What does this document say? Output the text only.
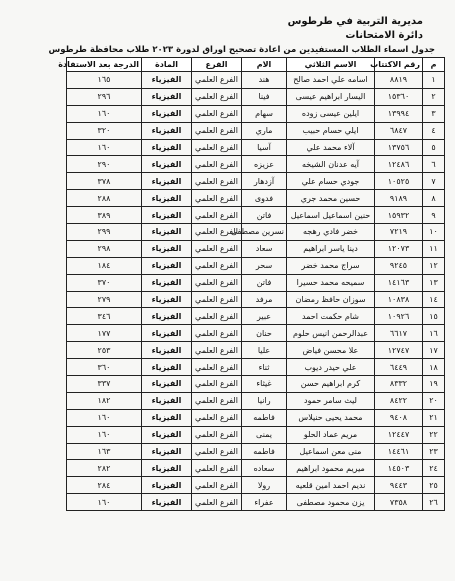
مديرية التربية في طرطوس
دائرة الامتحانات
جدول اسماء الطلاب المستفيدين من اعادة تصحيح اوراق لدورة ٢٠٢٣ طلاب محافظة طرطوس
م	رقم الاكتتاب	الاسم الثلاثي	الام	الفرع	المادة	الدرجة بعد الاستفادة
١	٨٨١٩	اسامه علي احمد صالح	هند	الفرع العلمي	الفيزياء	١٦٥
٢	١٥٣٦٠	اليسار ابراهيم عيسى	فينا	الفرع العلمي	الفيزياء	٢٩٦
٣	١٣٩٩٤	ايلين عيسى زوده	سهام	الفرع العلمي	الفيزياء	١٦٠
٤	٦٨٤٧	ايلي حسام حبيب	ماري	الفرع العلمي	الفيزياء	٣٢٠
٥	١٣٧٥٦	آلاء محمد علي	آسيا	الفرع العلمي	الفيزياء	١٦٠
٦	١٢٤٨٦	آيه عدنان الشيخه	عزيزه	الفرع العلمي	الفيزياء	٢٩٠
٧	١٠٥٢٥	جودي حسام علي	آزدهار	الفرع العلمي	الفيزياء	٣٧٨
٨	٩١٨٩	حسين محمد جري	فدوى	الفرع العلمي	الفيزياء	٢٨٨
٩	١٥٩٣٢	حنين اسماعيل اسماعيل	فاتن	الفرع العلمي	الفيزياء	٣٨٩
١٠	٧٢١٩	خضر فادي رهجه	نسرين مصطفى	الفرع العلمي	الفيزياء	٢٩٩
١١	١٢٠٧٣	دينا ياسر ابراهيم	سعاد	الفرع العلمي	الفيزياء	٢٩٨
١٢	٩٢٤٥	سراج محمد خضر	سحر	الفرع العلمي	الفيزياء	١٨٤
١٣	١٤١٦٣	سميحه محمد حسيرا	فاتن	الفرع العلمي	الفيزياء	٣٧٠
١٤	١٠٨٣٨	سوزان حافظ رمضان	مرفد	الفرع العلمي	الفيزياء	٢٧٩
١٥	١٠٩٢٦	شام حكمت احمد	عبير	الفرع العلمي	الفيزياء	٣٤٦
١٦	٦٦١٧	عبدالرحمن انيس حلوم	حنان	الفرع العلمي	الفيزياء	١٧٧
١٧	١٢٧٤٧	علا محسن فياض	عليا	الفرع العلمي	الفيزياء	٢٥٣
١٨	٦٤٤٩	علي حيدر ديوب	ثناء	الفرع العلمي	الفيزياء	٣٦٠
١٩	٨٣٣٢	كرم ابراهيم حسن	غيثاء	الفرع العلمي	الفيزياء	٣٣٧
٢٠	٨٤٢٢	ليث سامر حمود	رانيا	الفرع العلمي	الفيزياء	١٨٢
٢١	٩٤٠٨	محمد يحيى حنيلاس	فاطمه	الفرع العلمي	الفيزياء	١٦٠
٢٢	١٢٤٤٧	مريم عماد الحلو	يمنى	الفرع العلمي	الفيزياء	١٦٠
٢٣	١٤٤٦١	منى معن اسماعيل	فاطمه	الفرع العلمي	الفيزياء	١٦٣
٢٤	١٤٥٠٣	ميريم محمود ابراهيم	سعاده	الفرع العلمي	الفيزياء	٢٨٢
٢٥	٩٤٤٣	نديم احمد امين قلعيه	رولا	الفرع العلمي	الفيزياء	٢٨٤
٢٦	٧٣٥٨	يزن محمود مصطفى	عفراء	الفرع العلمي	الفيزياء	١٦٠
